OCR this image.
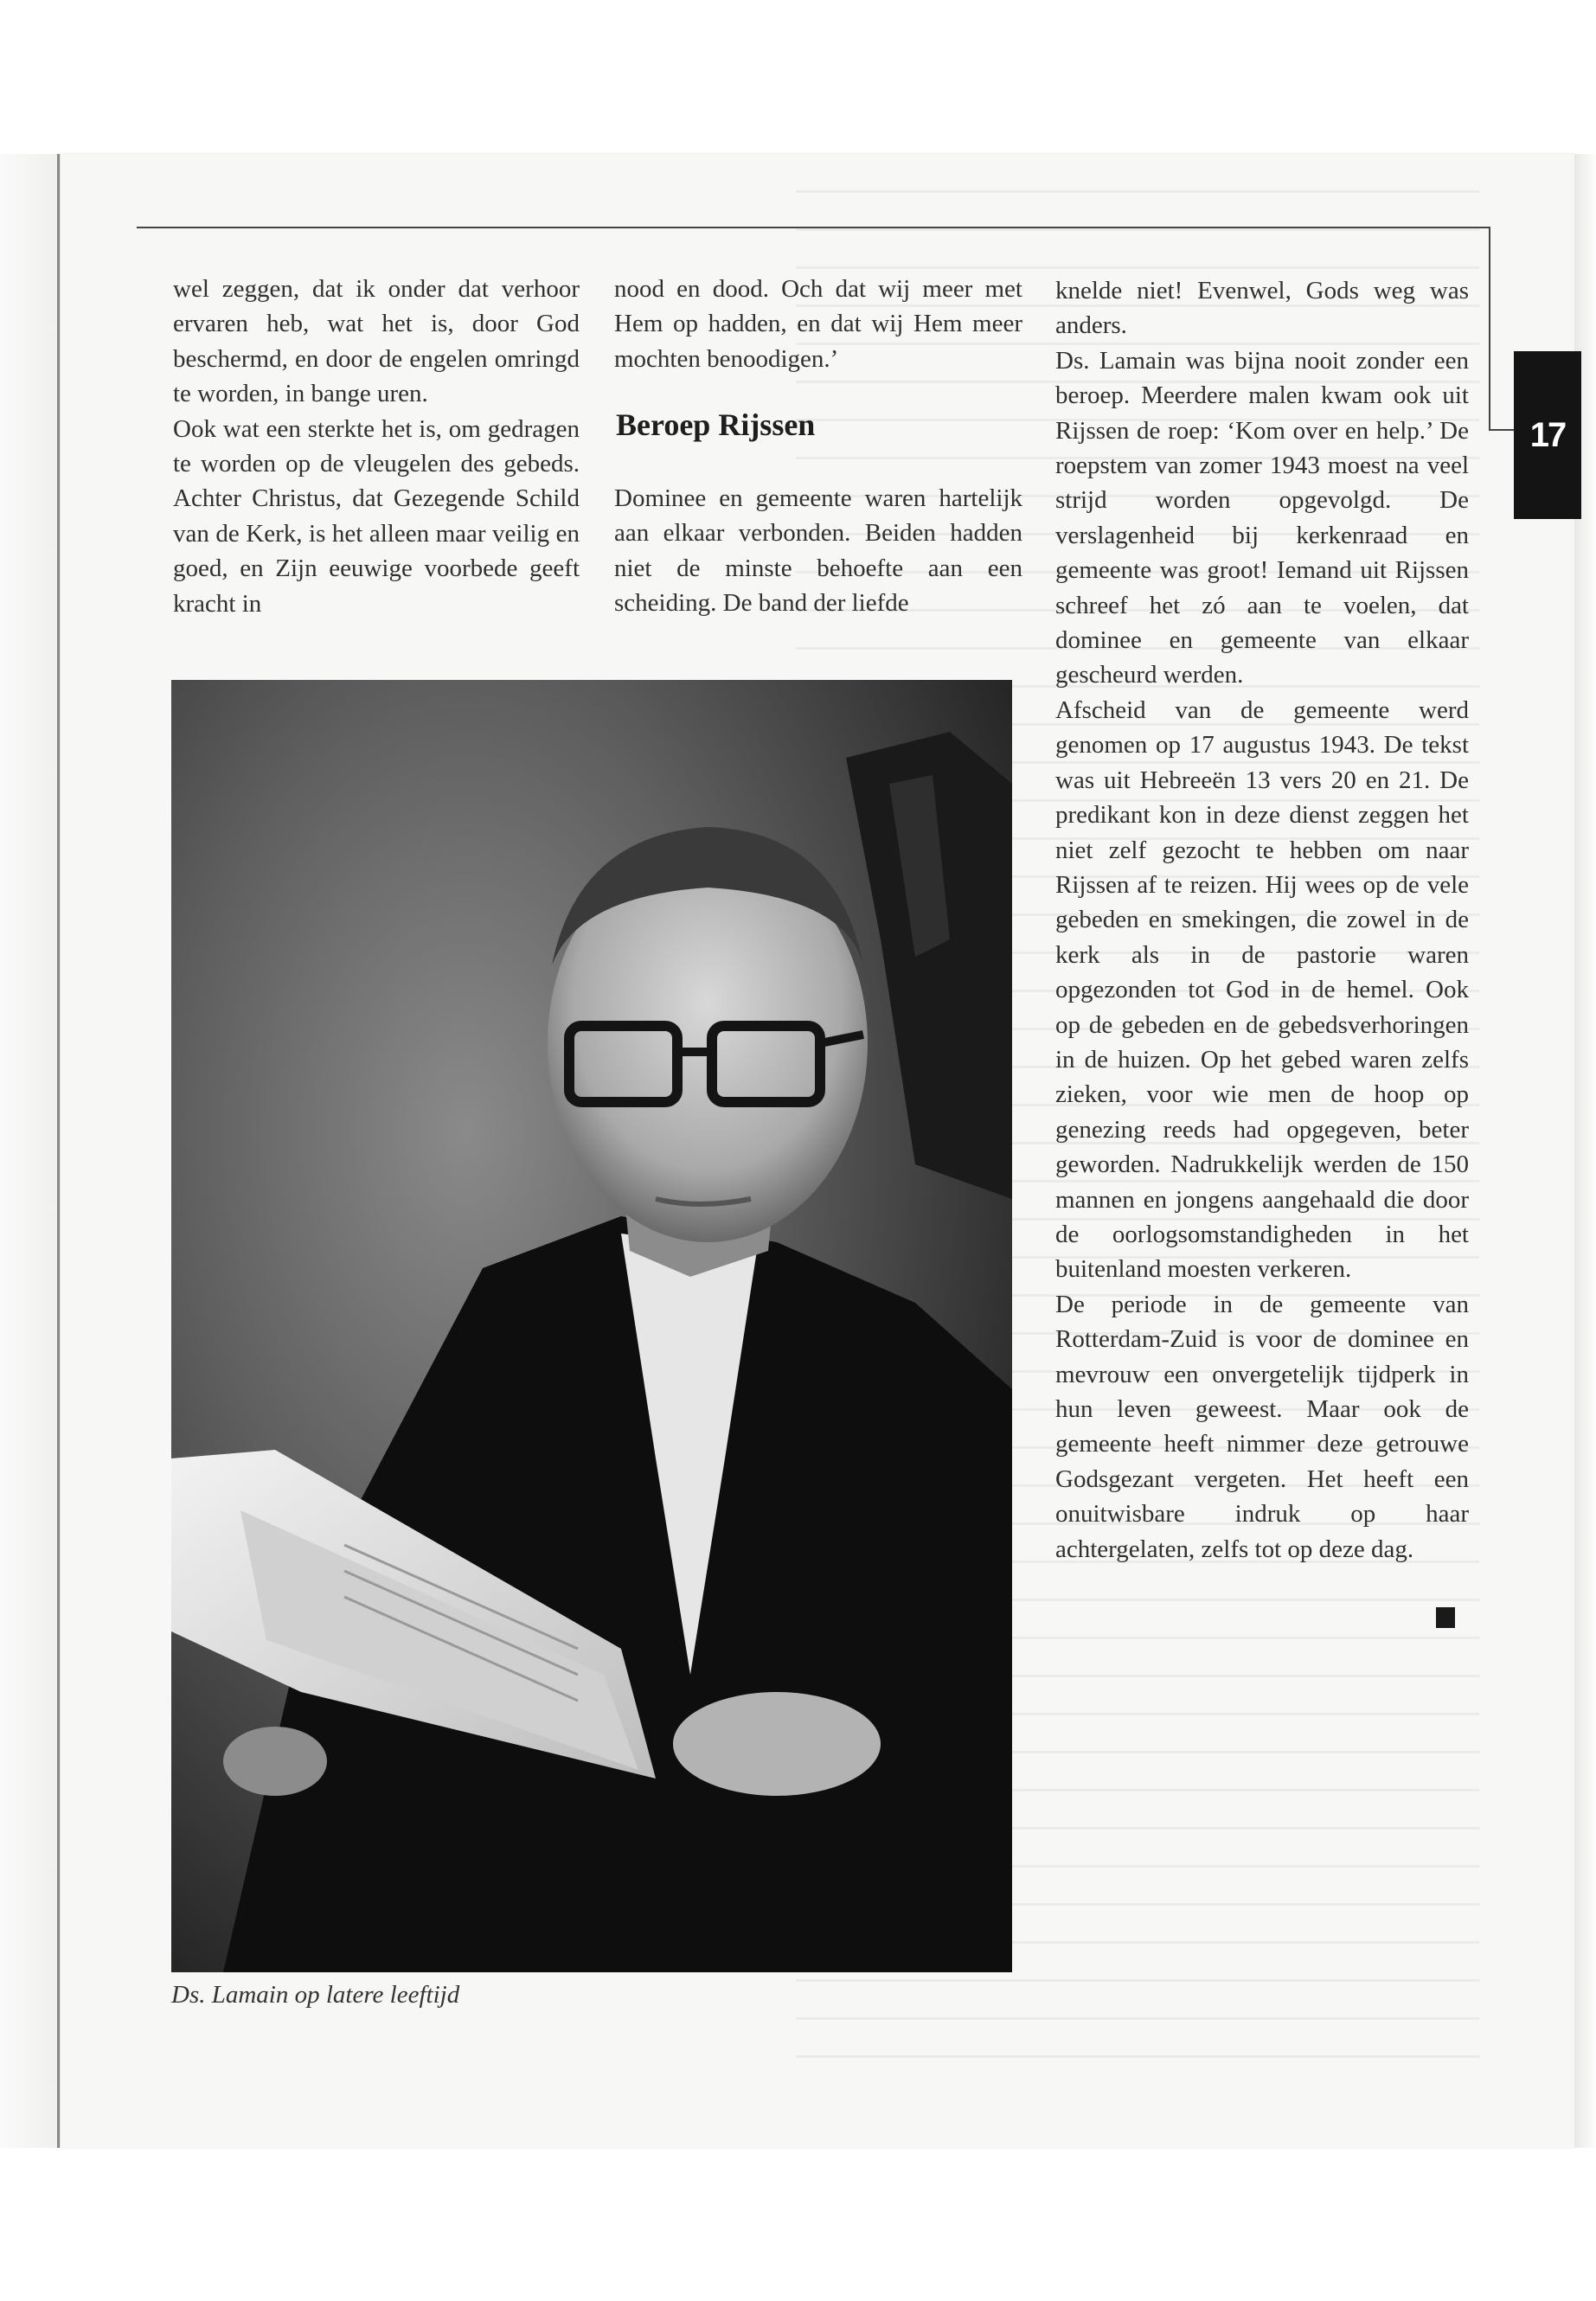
17

wel zeggen, dat ik onder dat verhoor ervaren heb, wat het is, door God beschermd, en door de engelen omringd te worden, in bange uren.

Ook wat een sterkte het is, om gedragen te worden op de vleugelen des gebeds. Achter Christus, dat Gezegende Schild van de Kerk, is het alleen maar veilig en goed, en Zijn eeuwige voorbede geeft kracht in

nood en dood. Och dat wij meer met Hem op hadden, en dat wij Hem meer mochten benoodigen.’

Beroep Rijssen

Dominee en gemeente waren hartelijk aan elkaar verbonden. Beiden hadden niet de minste behoefte aan een scheiding. De band der liefde

knelde niet! Evenwel, Gods weg was anders.

Ds. Lamain was bijna nooit zonder een beroep. Meerdere malen kwam ook uit Rijssen de roep: ‘Kom over en help.’ De roepstem van zomer 1943 moest na veel strijd worden opgevolgd. De verslagenheid bij kerkenraad en gemeente was groot! Iemand uit Rijssen schreef het zó aan te voelen, dat dominee en gemeente van elkaar gescheurd werden.

Afscheid van de gemeente werd genomen op 17 augustus 1943. De tekst was uit Hebreeën 13 vers 20 en 21. De predikant kon in deze dienst zeggen het niet zelf gezocht te hebben om naar Rijssen af te reizen. Hij wees op de vele gebeden en smekingen, die zowel in de kerk als in de pastorie waren opgezonden tot God in de hemel. Ook op de gebeden en de gebedsverhoringen in de huizen. Op het gebed waren zelfs zieken, voor wie men de hoop op genezing reeds had opgegeven, beter geworden. Nadrukkelijk werden de 150 mannen en jongens aangehaald die door de oorlogsomstandigheden in het buitenland moesten verkeren.

De periode in de gemeente van Rotterdam-Zuid is voor de dominee en mevrouw een onvergetelijk tijdperk in hun leven geweest. Maar ook de gemeente heeft nimmer deze getrouwe Godsgezant vergeten. Het heeft een onuitwisbare indruk op haar achtergelaten, zelfs tot op deze dag.

Ds. Lamain op latere leeftijd
